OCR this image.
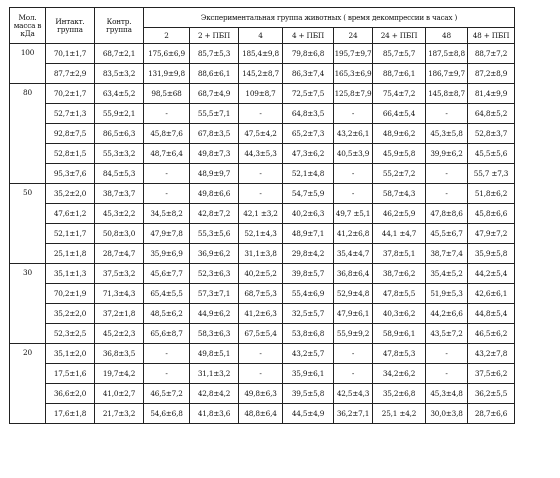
Мол. масса в кДа	Интакт. группа	Контр. группа	Экспериментальная группа животных ( время декомпрессии в часах )							
			2	2 + ПБП	4	4 + ПБП	24	24 + ПБП	48	48 + ПБП
100	70,1±1,7	68,7±2,1	175,6±6,9	85,7±5,3	185,4±9,8	79,8±6,8	195,7±9,7	85,7±5,7	187,5±8,8	88,7±7,2
	87,7±2,9	83,5±3,2	131,9±9,8	88,6±6,1	145,2±8,7	86,3±7,4	165,3±6,9	88,7±6,1	186,7±9,7	87,2±8,9
80	70,2±1,7	63,4±5,2	98,5±68	68,7±4,9	109±8,7	72,5±7,5	125,8±7,9	75,4±7,2	145,8±8,7	81,4±9,9
	52,7±1,3	55,9±2,1	-	55,5±7,1	-	64,8±3,5	-	66,4±5,4	-	64,8±5,2
	92,8±7,5	86,5±6,3	45,8±7,6	67,8±3,5	47,5±4,2	65,2±7,3	43,2±6,1	48,9±6,2	45,3±5,8	52,8±3,7
	52,8±1,5	55,3±3,2	48,7±6,4	49,8±7,3	44,3±5,3	47,3±6,2	40,5±3,9	45,9±5,8	39,9±6,2	45,5±5,6
	95,3±7,6	84,5±5,3	-	48,9±9,7	-	52,1±4,8	-	55,2±7,2	-	55,7 ±7,3
50	35,2±2,0	38,7±3,7	-	49,8±6,6	-	54,7±5,9	-	58,7±4,3	-	51,8±6,2
	47,6±1,2	45,3±2,2	34,5±8,2	42,8±7,2	42,1 ±3,2	40,2±6,3	49,7 ±5,1	46,2±5,9	47,8±8,6	45,8±6,6
	52,1±1,7	50,8±3,0	47,9±7,8	55,3±5,6	52,1±4,3	48,9±7,1	41,2±6,8	44,1 ±4,7	45,5±6,7	47,9±7,2
	25,1±1,8	28,7±4,7	35,9±6,9	36,9±6,2	31,1±3,8	29,8±4,2	35,4±4,7	37,8±5,1	38,7±7,4	35,9±5,8
30	35,1±1,3	37,5±3,2	45,6±7,7	52,3±6,3	40,2±5,2	39,8±5,7	36,8±6,4	38,7±6,2	35,4±5,2	44,2±5,4
	70,2±1,9	71,3±4,3	65,4±5,5	57,3±7,1	68,7±5,3	55,4±6,9	52,9±4,8	47,8±5,5	51,9±5,3	42,6±6,1
	35,2±2,0	37,2±1,8	48,5±6,2	44,9±6,2	41,2±6,3	32,5±5,7	47,9±6,1	40,3±6,2	44,2±6,6	44,8±5,4
	52,3±2,5	45,2±2,3	65,6±8,7	58,3±6,3	67,5±5,4	53,8±6,8	55,9±9,2	58,9±6,1	43,5±7,2	46,5±6,2
20	35,1±2,0	36,8±3,5	-	49,8±5,1	-	43,2±5,7	-	47,8±5,3	-	43,2±7,8
	17,5±1,6	19,7±4,2	-	31,1±3,2	-	35,9±6,1	-	34,2±6,2	-	37,5±6,2
	36,6±2,0	41,0±2,7	46,5±7,2	42,8±4,2	49,8±6,3	39,5±5,8	42,5±4,3	35,2±6,8	45,3±4,8	36,2±5,5
	17,6±1,8	21,7±3,2	54,6±6,8	41,8±3,6	48,8±6,4	44,5±4,9	36,2±7,1	25,1 ±4,2	30,0±3,8	28,7±6,6
